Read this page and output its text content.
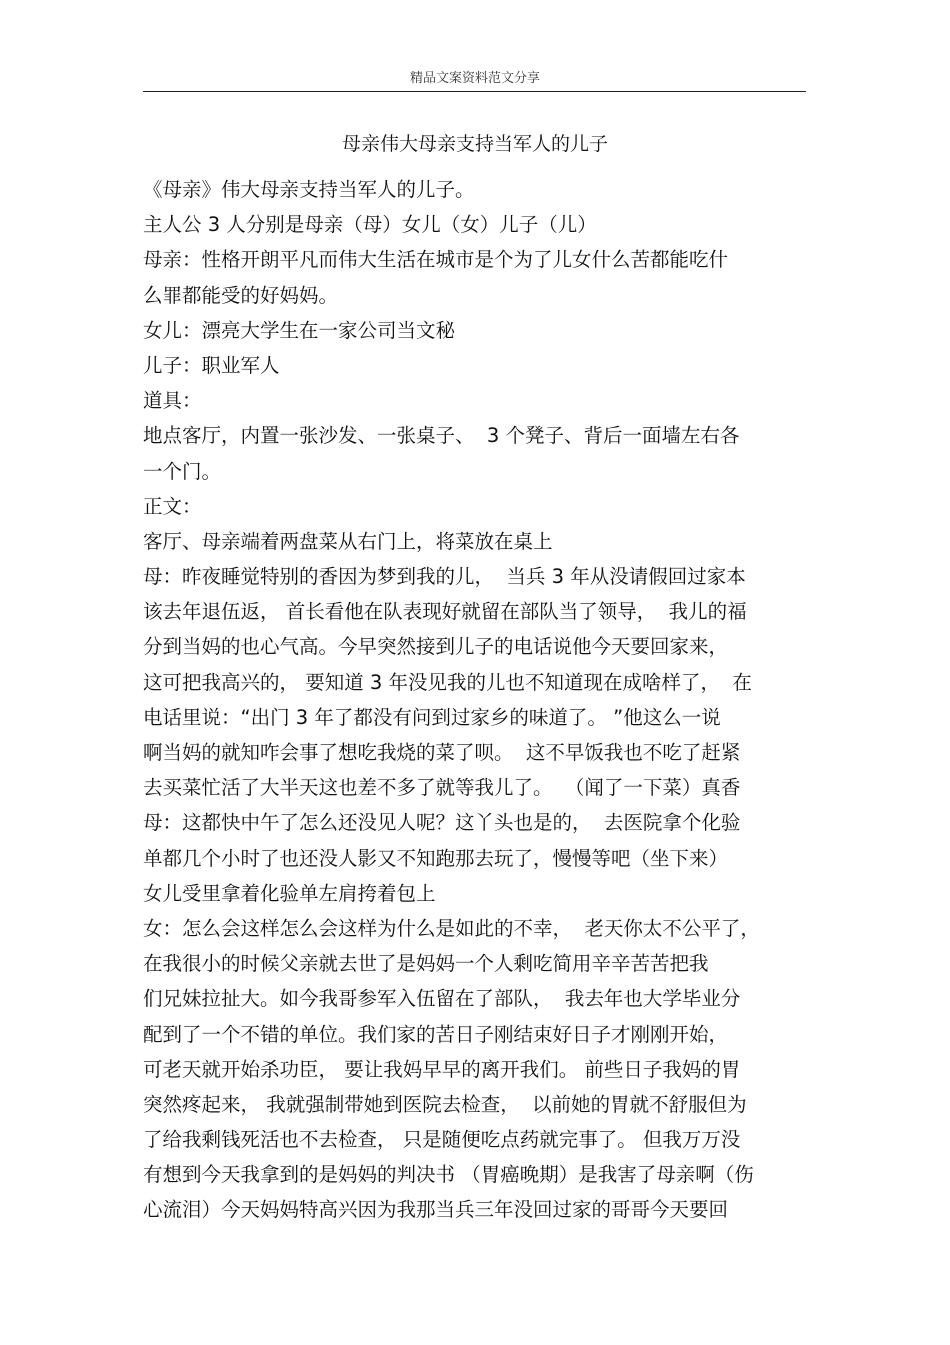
精品文案资料范文分享
母亲伟大母亲支持当军人的儿子
《母亲》伟大母亲支持当军人的儿子。
主人公 3 人分别是母亲（母）女儿（女）儿子（儿）
母亲：性格开朗平凡而伟大生活在城市是个为了儿女什么苦都能吃什
么罪都能受的好妈妈。
女儿：漂亮大学生在一家公司当文秘
儿子：职业军人
道具：
地点客厅，内置一张沙发、一张桌子、  3 个凳子、背后一面墙左右各
一个门。
正文：
客厅、母亲端着两盘菜从右门上，将菜放在桌上
母：昨夜睡觉特别的香因为梦到我的儿，  当兵 3 年从没请假回过家本
该去年退伍返， 首长看他在队表现好就留在部队当了领导，  我儿的福
分到当妈的也心气高。今早突然接到儿子的电话说他今天要回家来，
这可把我高兴的， 要知道 3 年没见我的儿也不知道现在成啥样了，  在
电话里说：“出门 3 年了都没有问到过家乡的味道了。 ”他这么一说
啊当妈的就知咋会事了想吃我烧的菜了呗。  这不早饭我也不吃了赶紧
去买菜忙活了大半天这也差不多了就等我儿了。  （闻了一下菜）真香
母：这都快中午了怎么还没见人呢？这丫头也是的，  去医院拿个化验
单都几个小时了也还没人影又不知跑那去玩了，慢慢等吧（坐下来）
女儿受里拿着化验单左肩挎着包上
女：怎么会这样怎么会这样为什么是如此的不幸，  老天你太不公平了，
在我很小的时候父亲就去世了是妈妈一个人剩吃简用辛辛苦苦把我
们兄妹拉扯大。如今我哥参军入伍留在了部队，  我去年也大学毕业分
配到了一个不错的单位。我们家的苦日子刚结束好日子才刚刚开始，
可老天就开始杀功臣， 要让我妈早早的离开我们。 前些日子我妈的胃
突然疼起来， 我就强制带她到医院去检查，  以前她的胃就不舒服但为
了给我剩钱死活也不去检查， 只是随便吃点药就完事了。 但我万万没
有想到今天我拿到的是妈妈的判决书 （胃癌晚期）是我害了母亲啊（伤
心流泪）今天妈妈特高兴因为我那当兵三年没回过家的哥哥今天要回
